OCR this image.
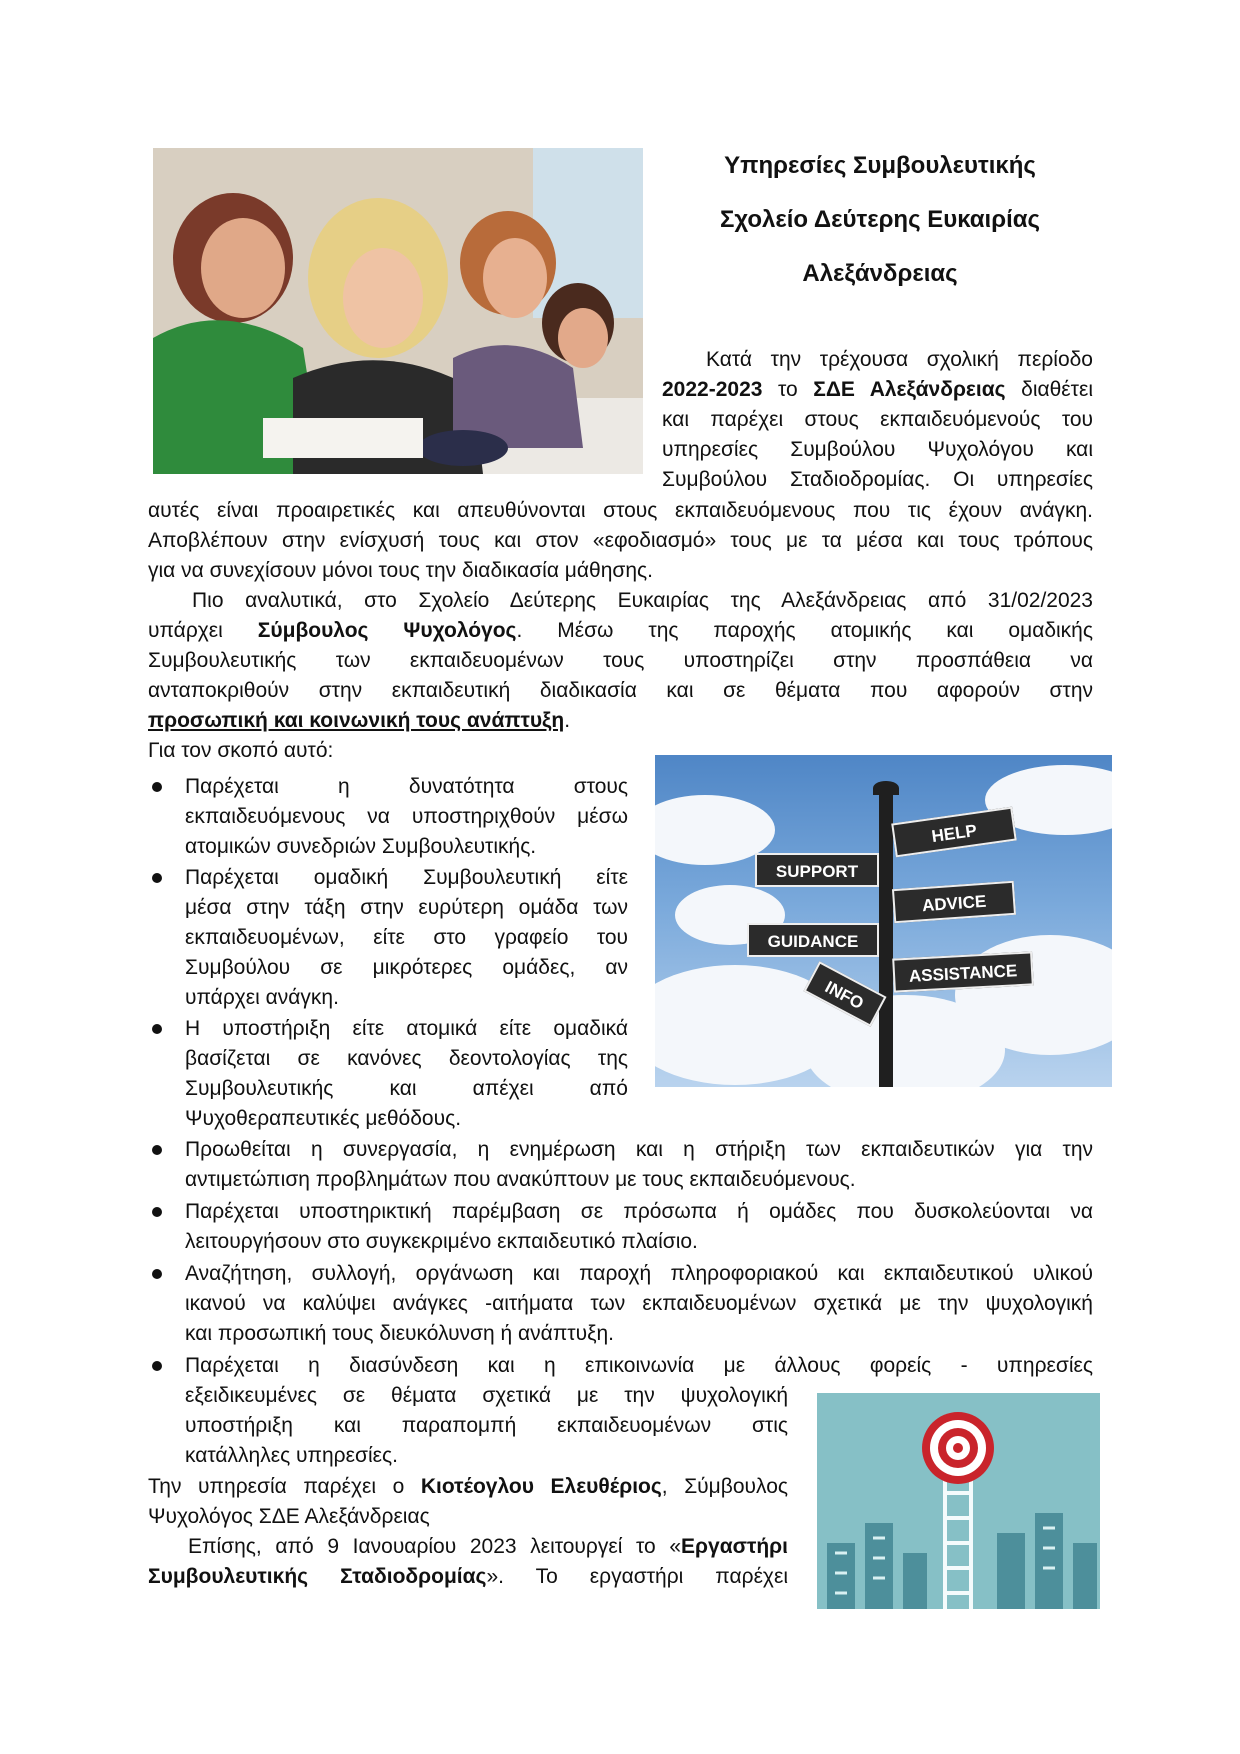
Υπηρεσίες Συμβουλευτικής
Σχολείο Δεύτερης Ευκαιρίας
Αλεξάνδρειας
Κατά την τρέχουσα σχολική περίοδο
2022-2023 το ΣΔΕ Αλεξάνδρειας διαθέτει
και παρέχει στους εκπαιδευόμενούς του
υπηρεσίες Συμβούλου Ψυχολόγου και
Συμβούλου Σταδιοδρομίας. Οι υπηρεσίες
αυτές είναι προαιρετικές και απευθύνονται στους εκπαιδευόμενους που τις έχουν ανάγκη.
Αποβλέπουν στην ενίσχυσή τους και στον «εφοδιασμό» τους με τα μέσα και τους τρόπους
για να συνεχίσουν μόνοι τους την διαδικασία μάθησης.
Πιο αναλυτικά, στο Σχολείο Δεύτερης Ευκαιρίας της Αλεξάνδρειας από 31/02/2023
υπάρχει Σύμβουλος Ψυχολόγος. Μέσω της παροχής ατομικής και ομαδικής
Συμβουλευτικής των εκπαιδευομένων τους υποστηρίζει στην προσπάθεια να
ανταποκριθούν στην εκπαιδευτική διαδικασία και σε θέματα που αφορούν στην
προσωπική και κοινωνική τους ανάπτυξη.
Για τον σκοπό αυτό:
HELP
SUPPORT
ADVICE
GUIDANCE
ASSISTANCE
INFO
Παρέχεται η δυνατότητα στους
εκπαιδευόμενους να υποστηριχθούν μέσω
ατομικών συνεδριών Συμβουλευτικής.
Παρέχεται ομαδική Συμβουλευτική είτε
μέσα στην τάξη στην ευρύτερη ομάδα των
εκπαιδευομένων, είτε στο γραφείο του
Συμβούλου σε μικρότερες ομάδες, αν
υπάρχει ανάγκη.
Η υποστήριξη είτε ατομικά είτε ομαδικά
βασίζεται σε κανόνες δεοντολογίας της
Συμβουλευτικής και απέχει από
Ψυχοθεραπευτικές μεθόδους.
Προωθείται η συνεργασία, η ενημέρωση και η στήριξη των εκπαιδευτικών για την
αντιμετώπιση προβλημάτων που ανακύπτουν με τους εκπαιδευόμενους.
Παρέχεται υποστηρικτική παρέμβαση σε πρόσωπα ή ομάδες που δυσκολεύονται να
λειτουργήσουν στο συγκεκριμένο εκπαιδευτικό πλαίσιο.
Αναζήτηση, συλλογή, οργάνωση και παροχή πληροφοριακού και εκπαιδευτικού υλικού
ικανού να καλύψει ανάγκες -αιτήματα των εκπαιδευομένων σχετικά με την ψυχολογική
και προσωπική τους διευκόλυνση ή ανάπτυξη.
Παρέχεται η διασύνδεση και η επικοινωνία με άλλους φορείς - υπηρεσίες
εξειδικευμένες σε θέματα σχετικά με την ψυχολογική
υποστήριξη και παραπομπή εκπαιδευομένων στις
κατάλληλες υπηρεσίες.
Την υπηρεσία παρέχει ο Κιοτέογλου Ελευθέριος, Σύμβουλος
Ψυχολόγος ΣΔΕ Αλεξάνδρειας
Επίσης, από 9 Ιανουαρίου 2023 λειτουργεί το «Εργαστήρι
Συμβουλευτικής Σταδιοδρομίας». Το εργαστήρι παρέχει
